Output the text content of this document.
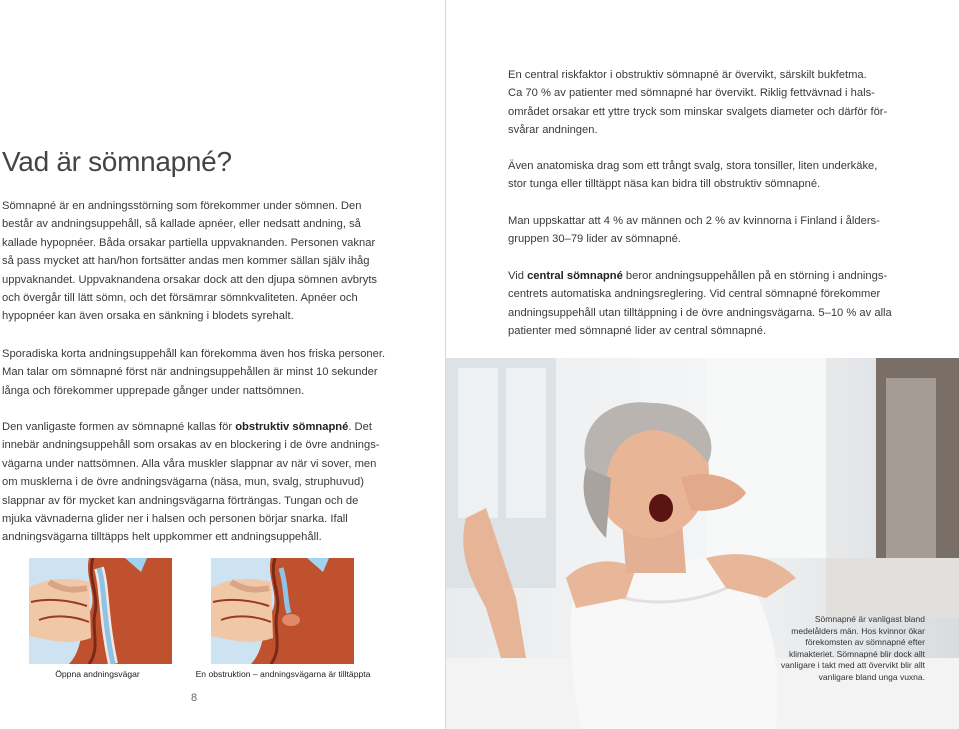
Vad är sömnapné?

Sömnapné är en andningsstörning som förekommer under sömnen. Den
består av andningsuppehåll, så kallade apnéer, eller nedsatt andning, så
kallade hypopnéer. Båda orsakar partiella uppvaknanden. Personen vaknar
så pass mycket att han/hon fortsätter andas men kommer sällan själv ihåg
uppvaknandet. Uppvaknandena orsakar dock att den djupa sömnen avbryts
och övergår till lätt sömn, och det försämrar sömnkvaliteten. Apnéer och
hypopnéer kan även orsaka en sänkning i blodets syrehalt.

Sporadiska korta andningsuppehåll kan förekomma även hos friska personer.
Man talar om sömnapné först när andningsuppehållen är minst 10 sekunder
långa och förekommer upprepade gånger under nattsömnen.

Den vanligaste formen av sömnapné kallas för obstruktiv sömnapné. Det
innebär andningsuppehåll som orsakas av en blockering i de övre andnings-
vägarna under nattsömnen. Alla våra muskler slappnar av när vi sover, men
om musklerna i de övre andningsvägarna (näsa, mun, svalg, struphuvud)
slappnar av för mycket kan andningsvägarna förträngas. Tungan och de
mjuka vävnaderna glider ner i halsen och personen börjar snarka. Ifall
andningsvägarna tilltäpps helt uppkommer ett andningsuppehåll.

Öppna andningsvägar	En obstruktion – andningsvägarna är tilltäppta
8

En central riskfaktor i obstruktiv sömnapné är övervikt, särskilt bukfetma.
Ca 70 % av patienter med sömnapné har övervikt. Riklig fettvävnad i hals-
området orsakar ett yttre tryck som minskar svalgets diameter och därför för-
svårar andningen.

Även anatomiska drag som ett trångt svalg, stora tonsiller, liten underkäke,
stor tunga eller tilltäppt näsa kan bidra till obstruktiv sömnapné.

Man uppskattar att 4 % av männen och 2 % av kvinnorna i Finland i ålders-
gruppen 30–79 lider av sömnapné.

Vid central sömnapné beror andningsuppehållen på en störning i andnings-
centrets automatiska andningsreglering. Vid central sömnapné förekommer
andningsuppehåll utan tilltäppning i de övre andningsvägarna. 5–10 % av alla
patienter med sömnapné lider av central sömnapné.

Sömnapné är vanligast bland
medelålders män. Hos kvinnor ökar
förekomsten av sömnapné efter
klimakteriet. Sömnapné blir dock allt
vanligare i takt med att övervikt blir allt
vanligare bland unga vuxna.
